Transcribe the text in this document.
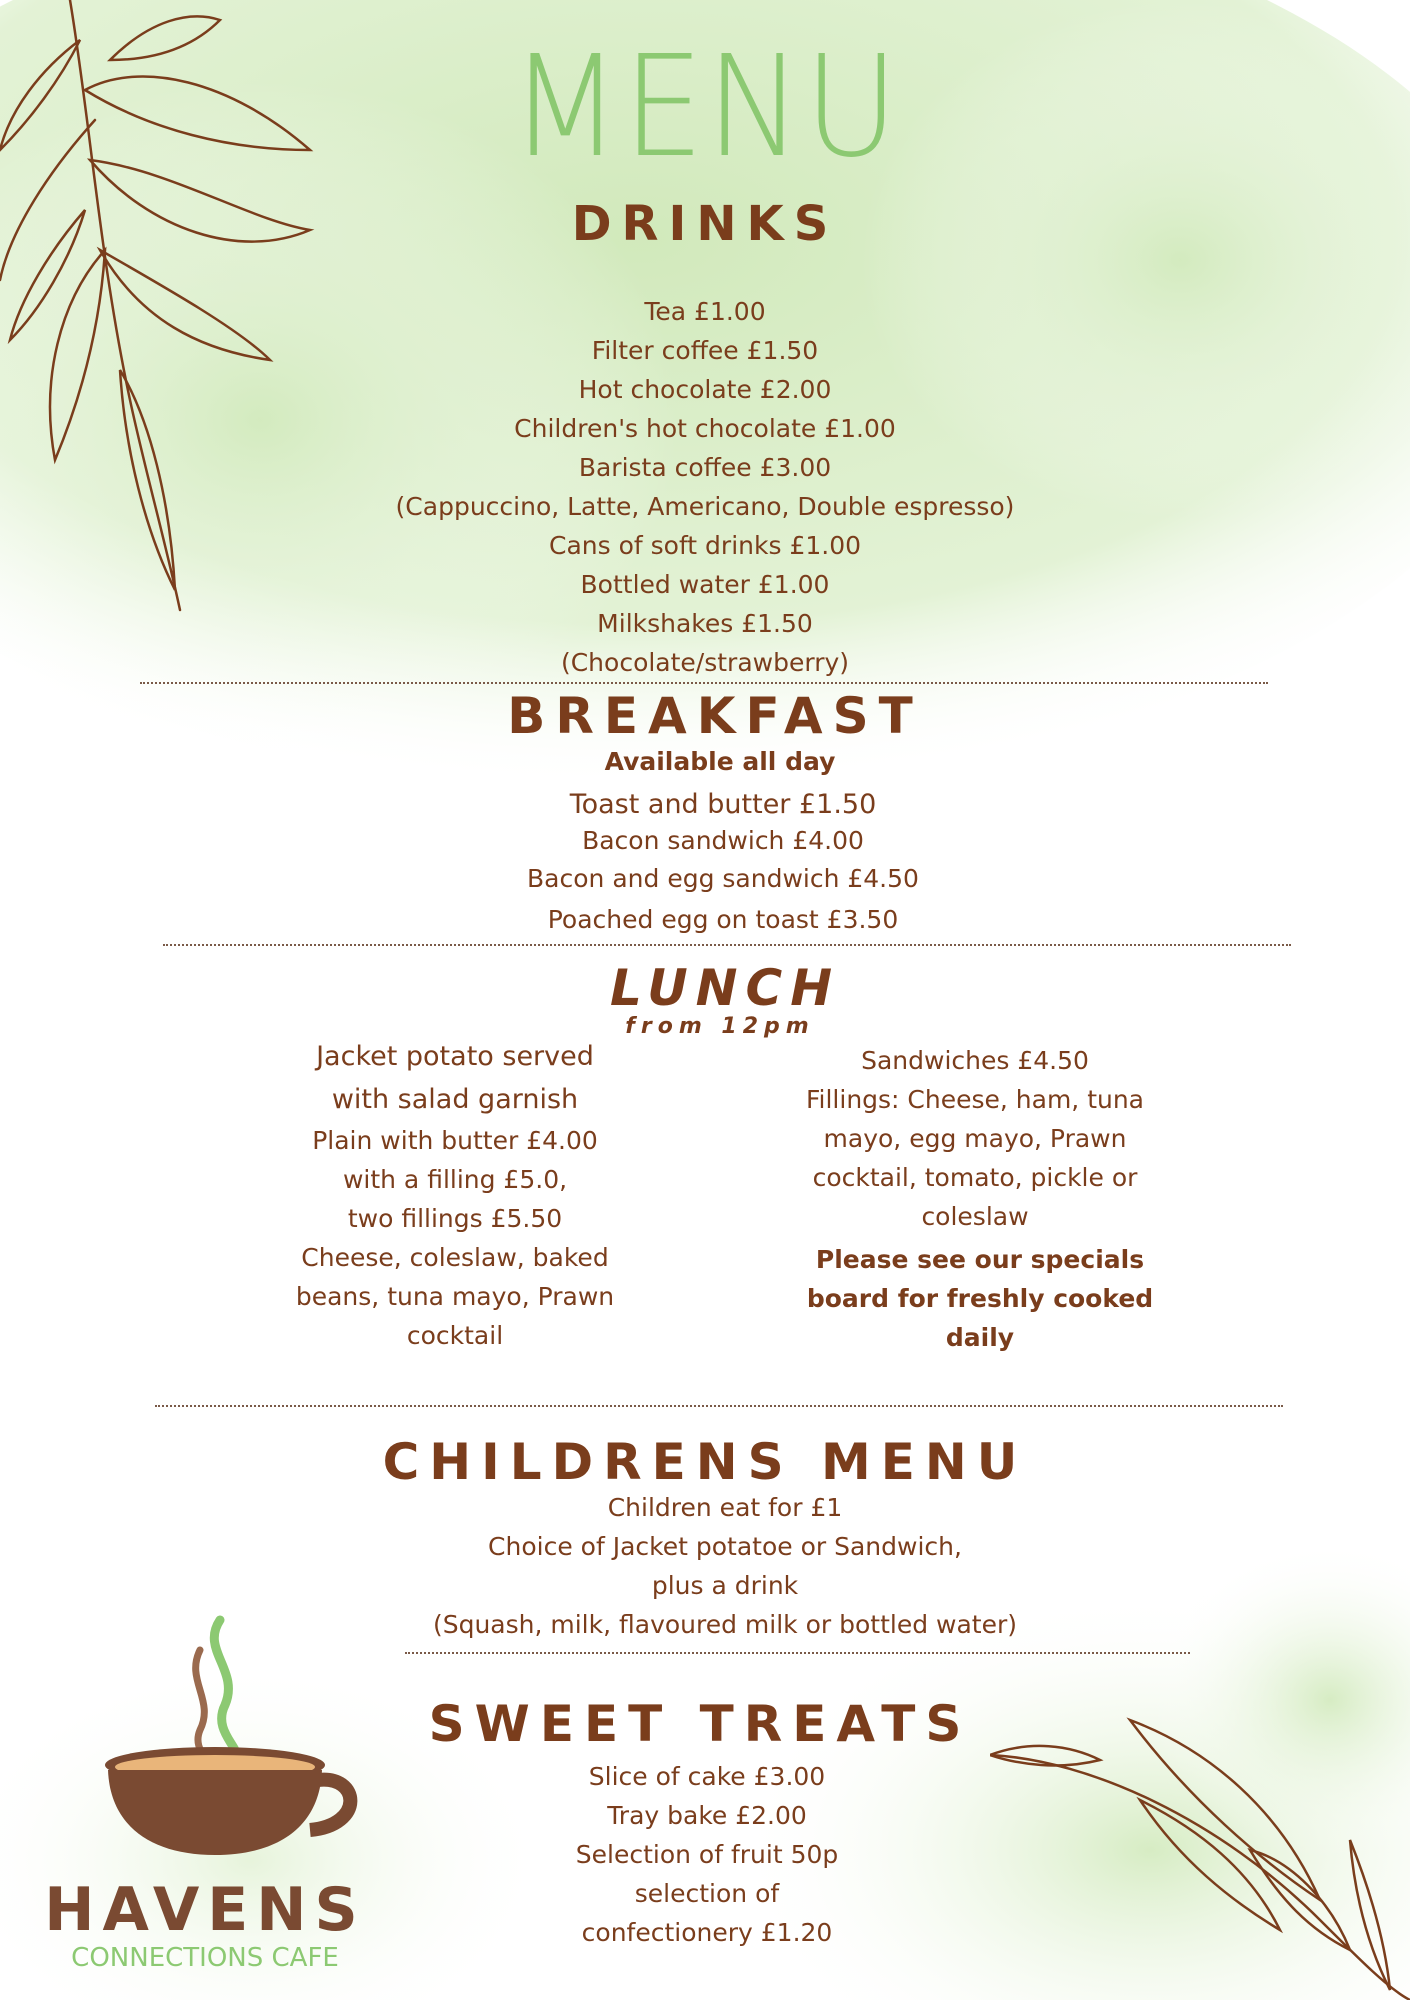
MENU
DRINKS
Tea £1.00
Filter coffee £1.50
Hot chocolate £2.00
Children's hot chocolate £1.00
Barista coffee £3.00
(Cappuccino, Latte, Americano, Double espresso)
Cans of soft drinks £1.00
Bottled water £1.00
Milkshakes £1.50
(Chocolate/strawberry)
BREAKFAST
Available all day
Toast and butter £1.50
Bacon sandwich £4.00
Bacon and egg sandwich £4.50
Poached egg on toast £3.50
LUNCH
from 12pm
Jacket potato served
with salad garnish
Plain with butter £4.00
with a filling £5.0,
two fillings £5.50
Cheese, coleslaw, baked
beans, tuna mayo, Prawn
cocktail
Sandwiches £4.50
Fillings: Cheese, ham, tuna
mayo, egg mayo, Prawn
cocktail, tomato, pickle or
coleslaw
Please see our specials
board for freshly cooked
daily
CHILDRENS MENU
Children eat for £1
Choice of Jacket potatoe or Sandwich,
plus a drink
(Squash, milk, flavoured milk or bottled water)
SWEET TREATS
Slice of cake £3.00
Tray bake £2.00
Selection of fruit 50p
selection of
confectionery £1.20
HAVENS
CONNECTIONS CAFE
